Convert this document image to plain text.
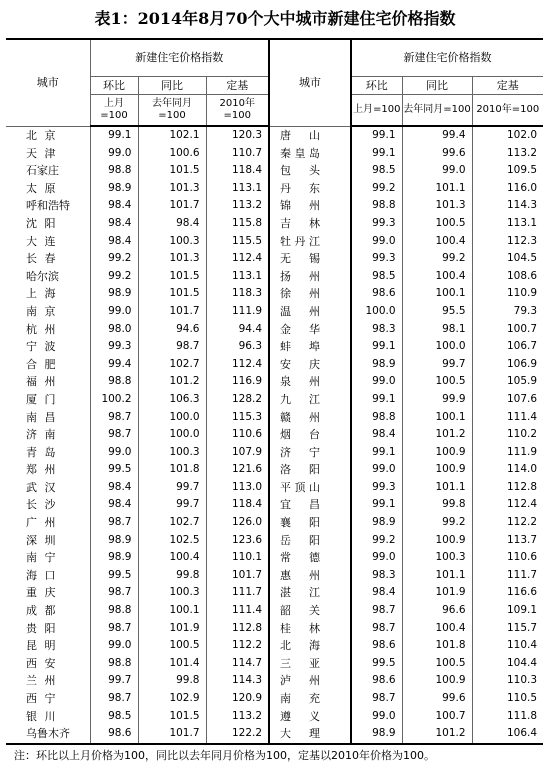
表1：2014年8月70个大中城市新建住宅价格指数
城市	新建住宅价格指数			城市	新建住宅价格指数		
	环比	同比	定基		环比	同比	定基
	上月=100	去年同月=100	2010年=100		上月=100	去年同月=100	2010年=100
北京	99.1	102.1	120.3	唐山	99.1	99.4	102.0
天津	99.0	100.6	110.7	秦皇岛	99.1	99.6	113.2
石家庄	98.8	101.5	118.4	包头	98.5	99.0	109.5
太原	98.9	101.3	113.1	丹东	99.2	101.1	116.0
呼和浩特	98.4	101.7	113.2	锦州	98.8	101.3	114.3
沈阳	98.4	98.4	115.8	吉林	99.3	100.5	113.1
大连	98.4	100.3	115.5	牡丹江	99.0	100.4	112.3
长春	99.2	101.3	112.4	无锡	99.3	99.2	104.5
哈尔滨	99.2	101.5	113.1	扬州	98.5	100.4	108.6
上海	98.9	101.5	118.3	徐州	98.6	100.1	110.9
南京	99.0	101.7	111.9	温州	100.0	95.5	79.3
杭州	98.0	94.6	94.4	金华	98.3	98.1	100.7
宁波	99.3	98.7	96.3	蚌埠	99.1	100.0	106.7
合肥	99.4	102.7	112.4	安庆	98.9	99.7	106.9
福州	98.8	101.2	116.9	泉州	99.0	100.5	105.9
厦门	100.2	106.3	128.2	九江	99.1	99.9	107.6
南昌	98.7	100.0	115.3	赣州	98.8	100.1	111.4
济南	98.7	100.0	110.6	烟台	98.4	101.2	110.2
青岛	99.0	100.3	107.9	济宁	99.1	100.9	111.9
郑州	99.5	101.8	121.6	洛阳	99.0	100.9	114.0
武汉	98.4	99.7	113.0	平顶山	99.3	101.1	112.8
长沙	98.4	99.7	118.4	宜昌	99.1	99.8	112.4
广州	98.7	102.7	126.0	襄阳	98.9	99.2	112.2
深圳	98.9	102.5	123.6	岳阳	99.2	100.9	113.7
南宁	98.9	100.4	110.1	常德	99.0	100.3	110.6
海口	99.5	99.8	101.7	惠州	98.3	101.1	111.7
重庆	98.7	100.3	111.7	湛江	98.4	101.9	116.6
成都	98.8	100.1	111.4	韶关	98.7	96.6	109.1
贵阳	98.7	101.9	112.8	桂林	98.7	100.4	115.7
昆明	99.0	100.5	112.2	北海	98.6	101.8	110.4
西安	98.8	101.4	114.7	三亚	99.5	100.5	104.4
兰州	99.7	99.8	114.3	泸州	98.6	100.9	110.3
西宁	98.7	102.9	120.9	南充	98.7	99.6	110.5
银川	98.5	101.5	113.2	遵义	99.0	100.7	111.8
乌鲁木齐	98.6	101.7	122.2	大理	98.9	101.2	106.4
注：环比以上月价格为100，同比以去年同月价格为100，定基以2010年价格为100。
